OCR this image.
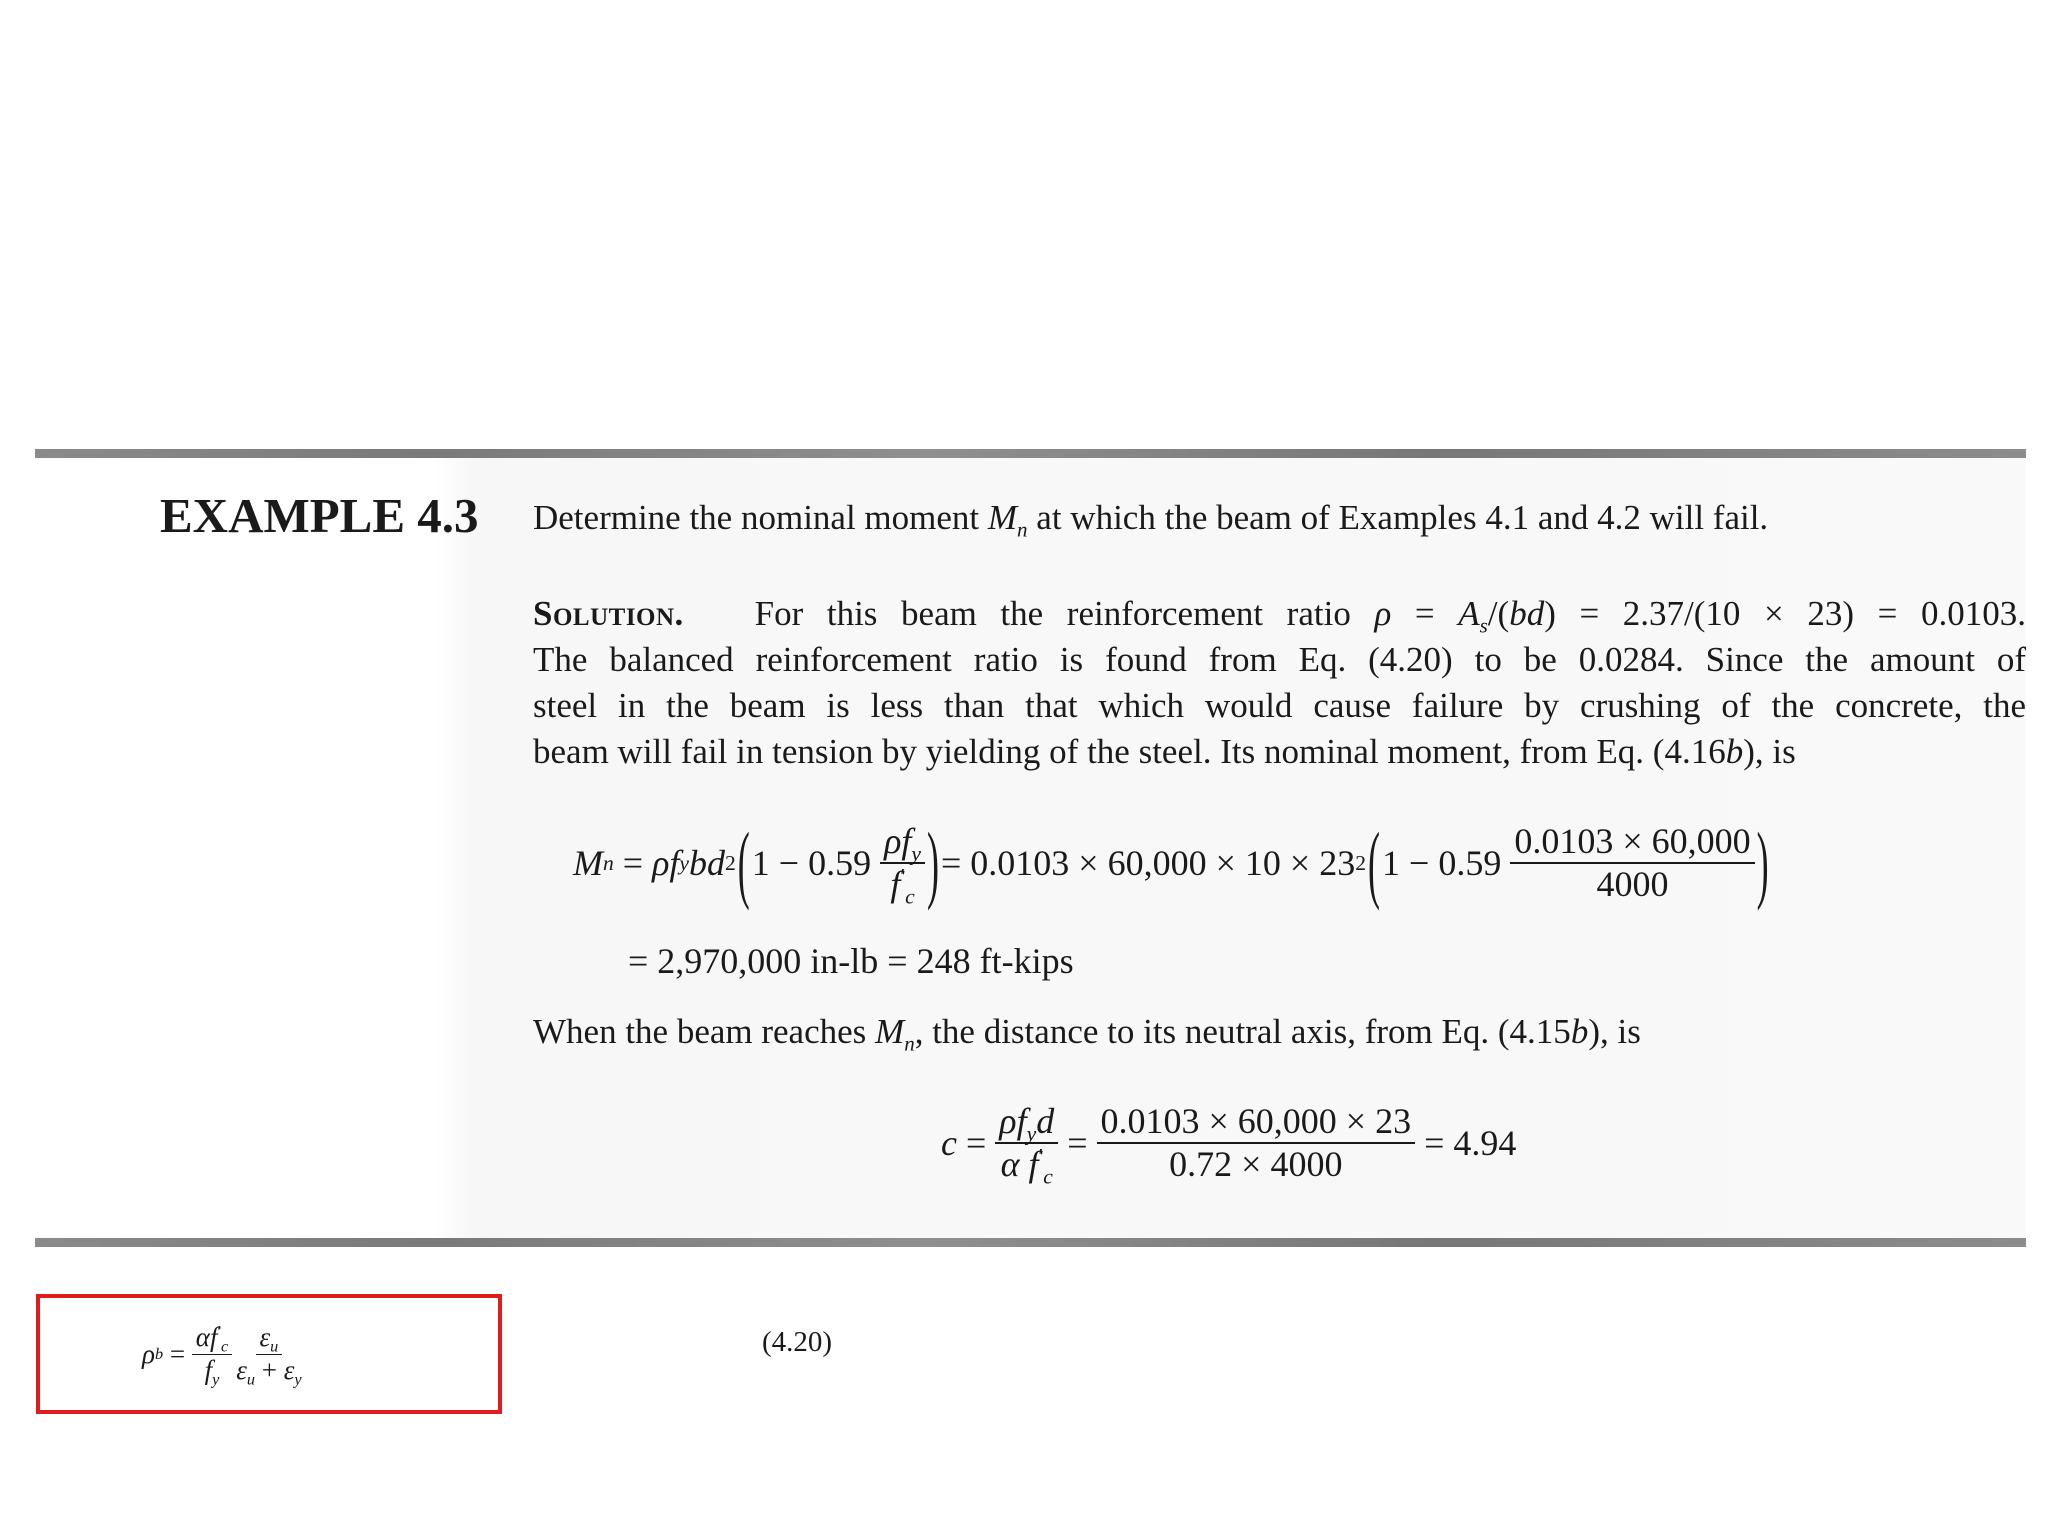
EXAMPLE 4.3 Determine the nominal moment $M_n$ at which the beam of Examples 4.1 and 4.2 will fail.
Solution. For this beam the reinforcement ratio $\rho = A_s/(bd) = 2.37/(10 \times 23) = 0.0103$.
The balanced reinforcement ratio is found from Eq. (4.20) to be 0.0284. Since the amount of
steel in the beam is less than that which would cause failure by crushing of the concrete, the
beam will fail in tension by yielding of the steel. Its nominal moment, from Eq. (4.16b), is
M n = ρ f y bd 2 ( 1 − 0.59
$\frac{\rho f_y}{f'_c}$ ) = 0.0103 × 60,000 × 10 × 23 2 ( 1 − 0.59
$\frac{0.0103 \times 60,000}{4000}$ )
= 2,970,000 in-lb = 248 ft-kips
When the beam reaches $M_n$, the distance to its neutral axis, from Eq. (4.15b), is
$c = \frac{\rho f_yd}{\alpha f'_c} = \frac{0.0103 \times 60,000 \times 23}{0.72 \times 4000}$
= 4.94
ρ $b = \frac{\alpha f'_c}{f_y} \frac{\varepsilon_u}{\varepsilon_u + \varepsilon_y}$	(4.20)
